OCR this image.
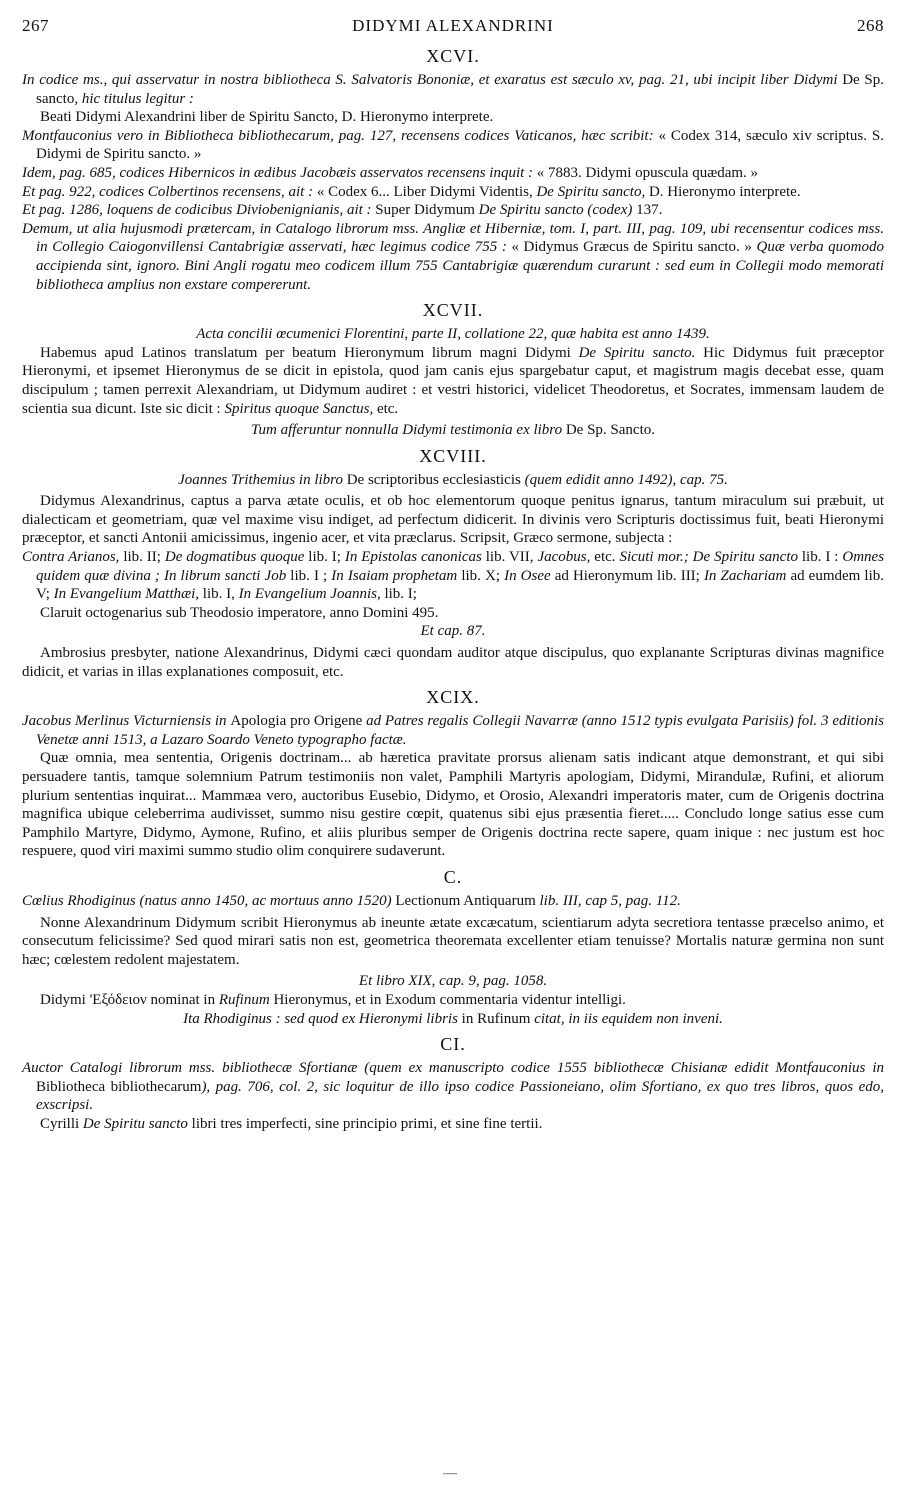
267	DIDYMI ALEXANDRINI	268
XCVI.

In codice ms., qui asservatur in nostra bibliotheca S. Salvatoris Bononiæ, et exaratus est sæculo xv, pag. 21, ubi incipit liber Didymi De Sp. sancto, hic titulus legitur :

Beati Didymi Alexandrini liber de Spiritu Sancto, D. Hieronymo interprete.

Montfauconius vero in Bibliotheca bibliothecarum, pag. 127, recensens codices Vaticanos, hæc scribit: « Codex 314, sæculo xiv scriptus. S. Didymi de Spiritu sancto. »

Idem, pag. 685, codices Hibernicos in ædibus Jacobæis asservatos recensens inquit : « 7883. Didymi opuscula quædam. »

Et pag. 922, codices Colbertinos recensens, ait : « Codex 6... Liber Didymi Videntis, De Spiritu sancto, D. Hieronymo interprete.

Et pag. 1286, loquens de codicibus Diviobenignianis, ait : Super Didymum De Spiritu sancto (codex) 137.

Demum, ut alia hujusmodi prætercam, in Catalogo librorum mss. Angliæ et Hiberniæ, tom. I, part. III, pag. 109, ubi recensentur codices mss. in Collegio Caiogonvillensi Cantabrigiæ asservati, hæc legimus codice 755 : « Didymus Græcus de Spiritu sancto. » Quæ verba quomodo accipienda sint, ignoro. Bini Angli rogatu meo codicem illum 755 Cantabrigiæ quærendum curarunt : sed eum in Collegii modo memorati bibliotheca amplius non exstare compererunt.

XCVII.

Acta concilii œcumenici Florentini, parte II, collatione 22, quæ habita est anno 1439.

Habemus apud Latinos translatum per beatum Hieronymum librum magni Didymi De Spiritu sancto. Hic Didymus fuit præceptor Hieronymi, et ipsemet Hieronymus de se dicit in epistola, quod jam canis ejus spargebatur caput, et magistrum magis decebat esse, quam discipulum ; tamen perrexit Alexandriam, ut Didymum audiret : et vestri historici, videlicet Theodoretus, et Socrates, immensam laudem de scientia sua dicunt. Iste sic dicit : Spiritus quoque Sanctus, etc.

Tum afferuntur nonnulla Didymi testimonia ex libro De Sp. Sancto.

XCVIII.

Joannes Trithemius in libro De scriptoribus ecclesiasticis (quem edidit anno 1492), cap. 75.

Didymus Alexandrinus, captus a parva ætate oculis, et ob hoc elementorum quoque penitus ignarus, tantum miraculum sui præbuit, ut dialecticam et geometriam, quæ vel maxime visu indiget, ad perfectum didicerit. In divinis vero Scripturis doctissimus fuit, beati Hieronymi præceptor, et sancti Antonii amicissimus, ingenio acer, et vita præclarus. Scripsit, Græco sermone, subjecta :

Contra Arianos, lib. II; De dogmatibus quoque lib. I; In Epistolas canonicas lib. VII, Jacobus, etc. Sicuti mor.; De Spiritu sancto lib. I : Omnes quidem quæ divina ; In librum sancti Job lib. I ; In Isaiam prophetam lib. X; In Osee ad Hieronymum lib. III; In Zachariam ad eumdem lib. V; In Evangelium Matthæi, lib. I, In Evangelium Joannis, lib. I;

Claruit octogenarius sub Theodosio imperatore, anno Domini 495.

Et cap. 87.

Ambrosius presbyter, natione Alexandrinus, Didymi cæci quondam auditor atque discipulus, quo explanante Scripturas divinas magnifice didicit, et varias in illas explanationes composuit, etc.

XCIX.

Jacobus Merlinus Victurniensis in Apologia pro Origene ad Patres regalis Collegii Navarræ (anno 1512 typis evulgata Parisiis) fol. 3 editionis Venetæ anni 1513, a Lazaro Soardo Veneto typographo factæ.

Quæ omnia, mea sententia, Origenis doctrinam... ab hæretica pravitate prorsus alienam satis indicant atque demonstrant, et qui sibi persuadere tantis, tamque solemnium Patrum testimoniis non valet, Pamphili Martyris apologiam, Didymi, Mirandulæ, Rufini, et aliorum plurium sententias inquirat... Mammæa vero, auctoribus Eusebio, Didymo, et Orosio, Alexandri imperatoris mater, cum de Origenis doctrina magnifica ubique celeberrima audivisset, summo nisu gestire cœpit, quatenus sibi ejus præsentia fieret..... Concludo longe satius esse cum Pamphilo Martyre, Didymo, Aymone, Rufino, et aliis pluribus semper de Origenis doctrina recte sapere, quam inique : nec justum est hoc respuere, quod viri maximi summo studio olim conquirere sudaverunt.

C.

Cœlius Rhodiginus (natus anno 1450, ac mortuus anno 1520) Lectionum Antiquarum lib. III, cap 5, pag. 112.

Nonne Alexandrinum Didymum scribit Hieronymus ab ineunte ætate excæcatum, scientiarum adyta secretiora tentasse præcelso animo, et consecutum felicissime? Sed quod mirari satis non est, geometrica theoremata excellenter etiam tenuisse? Mortalis naturæ germina non sunt hæc; cœlestem redolent majestatem.

Et libro XIX, cap. 9, pag. 1058.

Didymi 'Εξόδειον nominat in Rufinum Hieronymus, et in Exodum commentaria videntur intelligi.

Ita Rhodiginus : sed quod ex Hieronymi libris in Rufinum citat, in iis equidem non inveni.

CI.

Auctor Catalogi librorum mss. bibliothecæ Sfortianæ (quem ex manuscripto codice 1555 bibliothecæ Chisianæ edidit Montfauconius in Bibliotheca bibliothecarum), pag. 706, col. 2, sic loquitur de illo ipso codice Passioneiano, olim Sfortiano, ex quo tres libros, quos edo, exscripsi.

Cyrilli De Spiritu sancto libri tres imperfecti, sine principio primi, et sine fine tertii.

—
